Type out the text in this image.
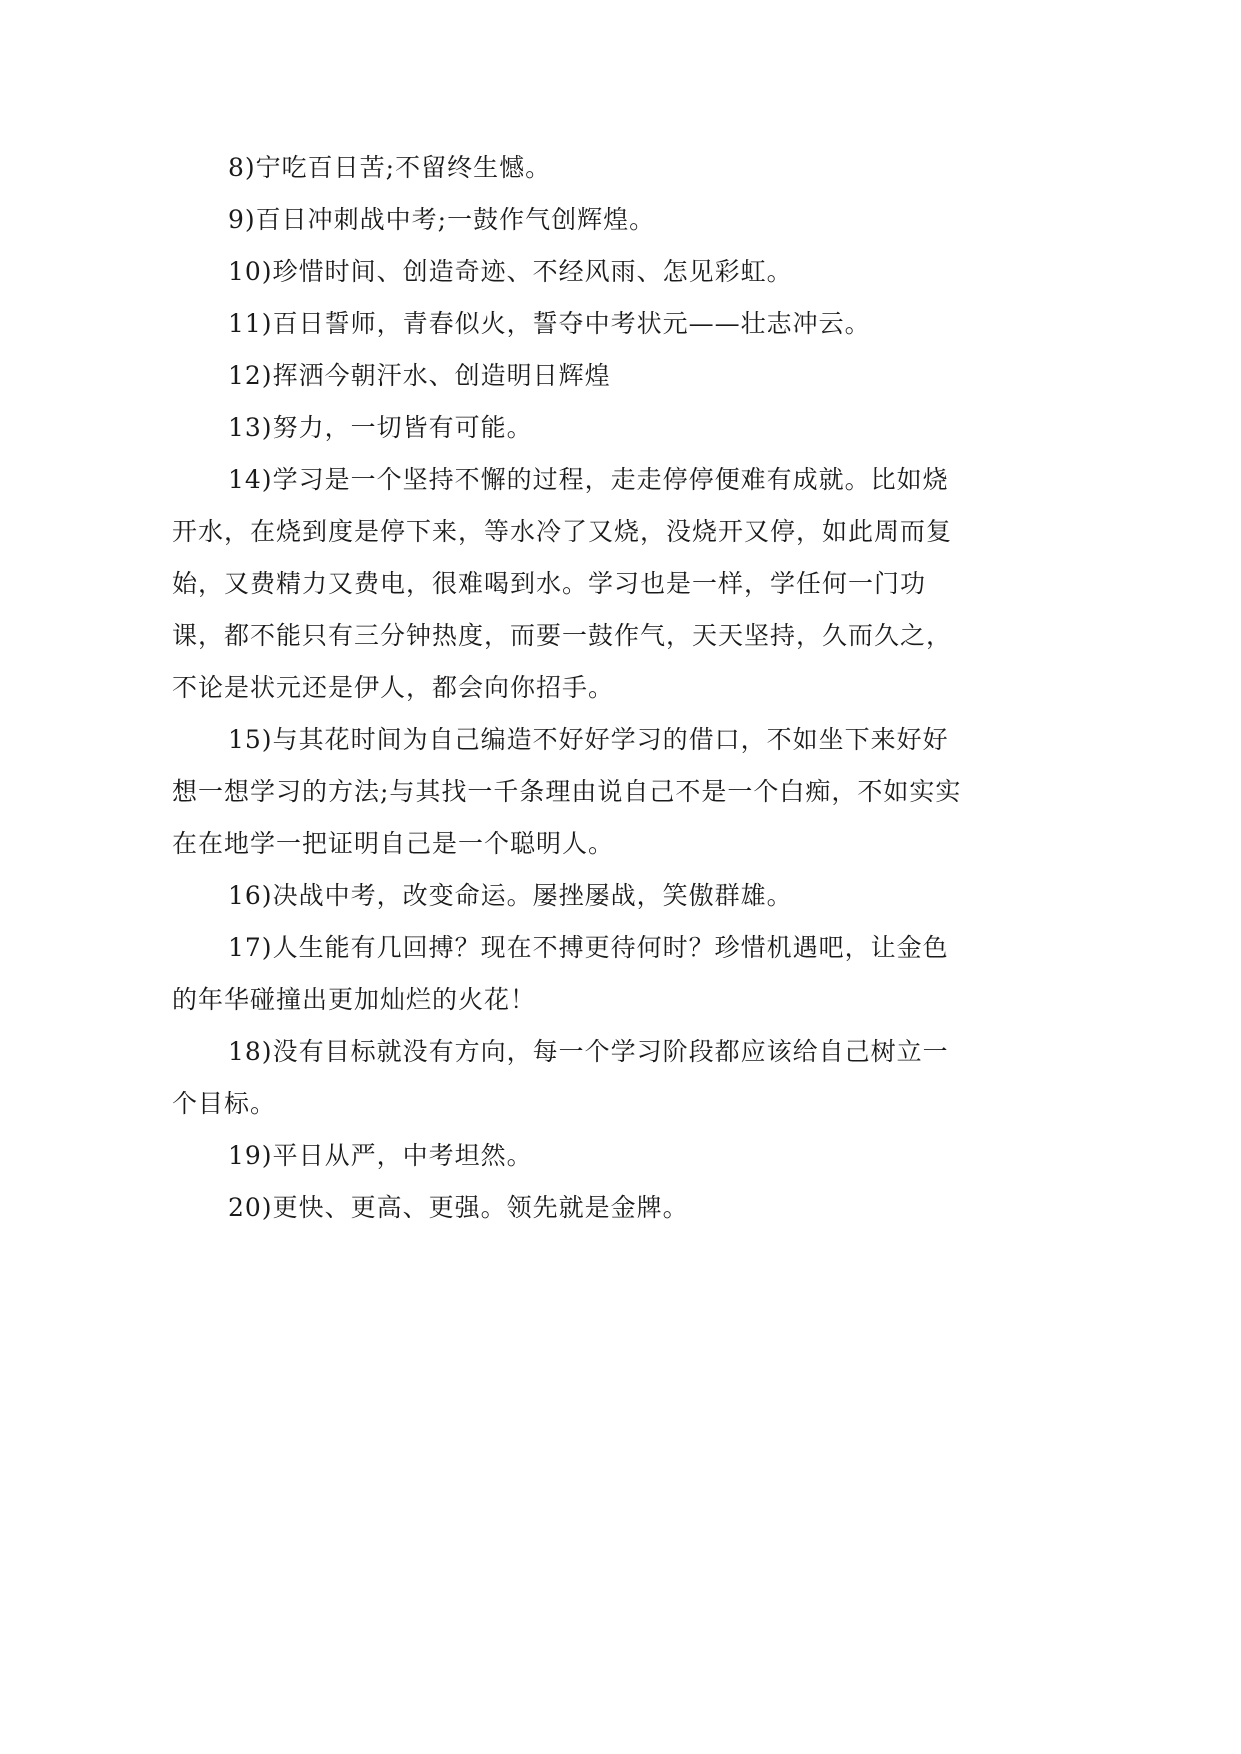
8)宁吃百日苦;不留终生憾。

9)百日冲刺战中考;一鼓作气创辉煌。

10)珍惜时间、创造奇迹、不经风雨、怎见彩虹。

11)百日誓师，青春似火，誓夺中考状元——壮志冲云。

12)挥洒今朝汗水、创造明日辉煌

13)努力，一切皆有可能。

14)学习是一个坚持不懈的过程，走走停停便难有成就。比如烧开水，在烧到度是停下来，等水冷了又烧，没烧开又停，如此周而复始，又费精力又费电，很难喝到水。学习也是一样，学任何一门功课，都不能只有三分钟热度，而要一鼓作气，天天坚持，久而久之，不论是状元还是伊人，都会向你招手。

15)与其花时间为自己编造不好好学习的借口，不如坐下来好好想一想学习的方法;与其找一千条理由说自己不是一个白痴，不如实实在在地学一把证明自己是一个聪明人。

16)决战中考，改变命运。屡挫屡战，笑傲群雄。

17)人生能有几回搏？现在不搏更待何时？珍惜机遇吧，让金色的年华碰撞出更加灿烂的火花！

18)没有目标就没有方向，每一个学习阶段都应该给自己树立一个目标。

19)平日从严，中考坦然。

20)更快、更高、更强。领先就是金牌。
